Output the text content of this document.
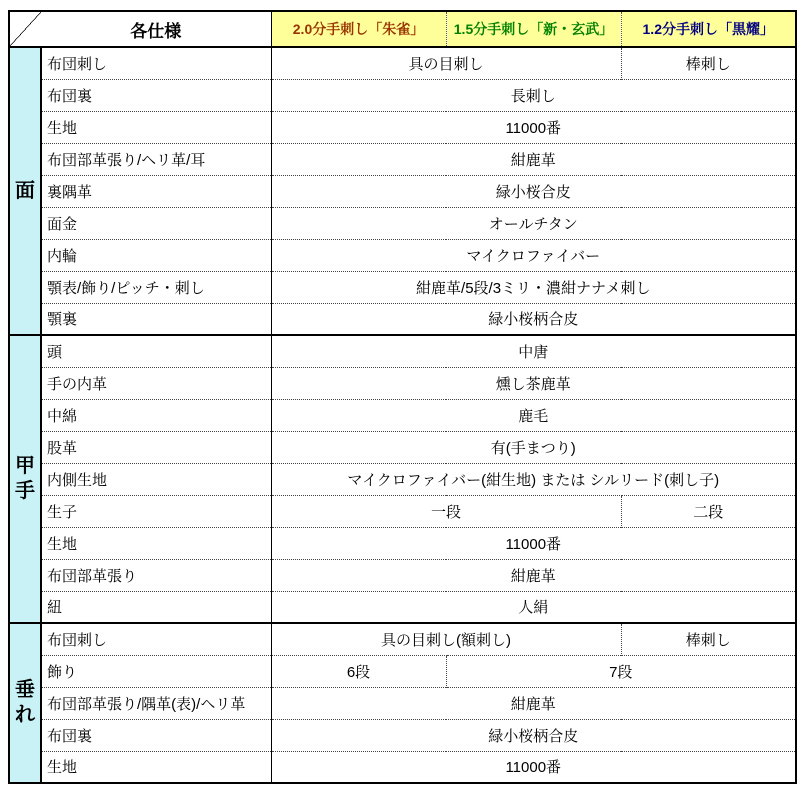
	各仕様	2.0分手刺し「朱雀」	1.5分手刺し「新・玄武」	1.2分手刺し「黒耀」
面	布団刺し	具の目刺し		棒刺し
	布団裏	長刺し		
	生地	11000番		
	布団部革張り/ヘリ革/耳	紺鹿革		
	裏隅革	緑小桜合皮		
	面金	オールチタン		
	内輪	マイクロファイバー		
	顎表/飾り/ピッチ・刺し	紺鹿革/5段/3ミリ・濃紺ナナメ刺し		
	顎裏	緑小桜柄合皮		
甲手	頭	中唐		
	手の内革	燻し茶鹿革		
	中綿	鹿毛		
	股革	有(手まつり)		
	内側生地	マイクロファイバー(紺生地) または シルリード(刺し子)		
	生子	一段		二段
	生地	11000番		
	布団部革張り	紺鹿革		
	紐	人絹		
垂れ	布団刺し	具の目刺し(額刺し)		棒刺し
	飾り	6段	7段	
	布団部革張り/隅革(表)/ヘリ革	紺鹿革		
	布団裏	緑小桜柄合皮		
	生地	11000番		
